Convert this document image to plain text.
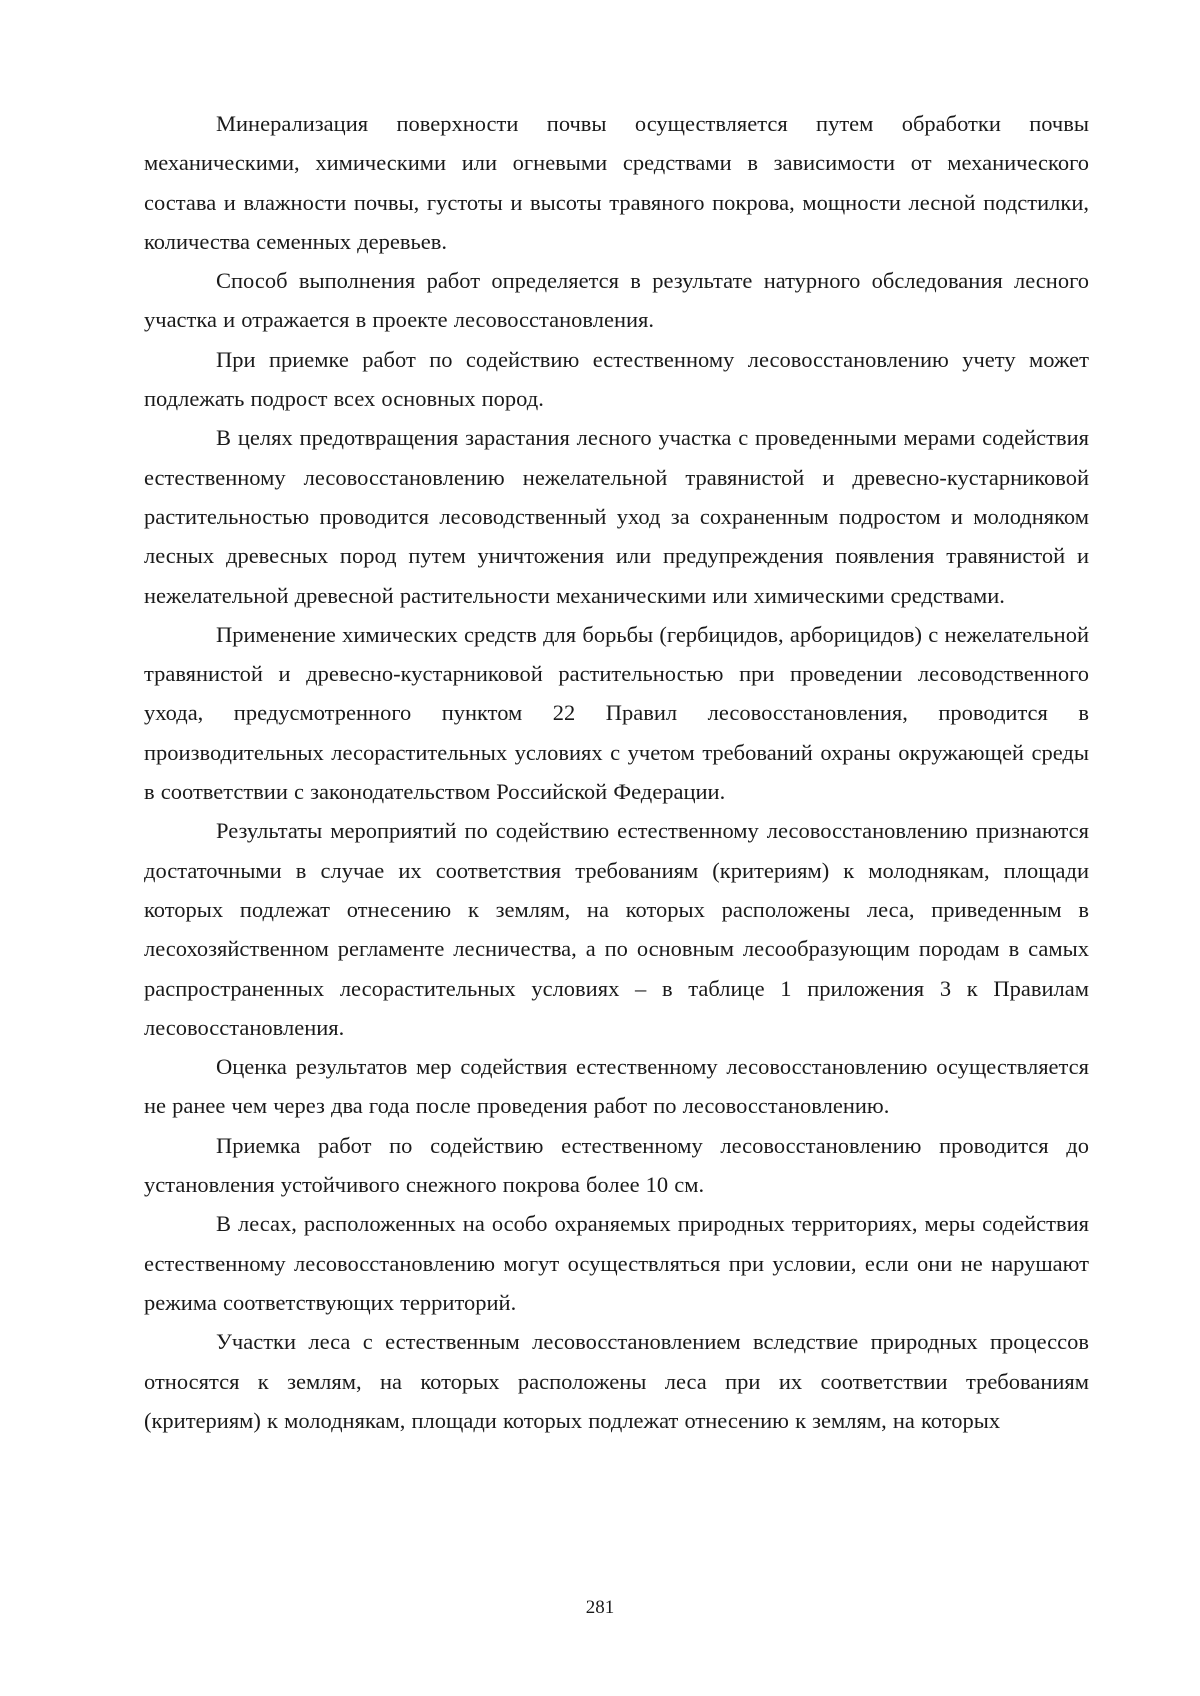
Минерализация поверхности почвы осуществляется путем обработки почвы механическими, химическими или огневыми средствами в зависимости от механического состава и влажности почвы, густоты и высоты травяного покрова, мощности лесной подстилки, количества семенных деревьев.

Способ выполнения работ определяется в результате натурного обследования лесного участка и отражается в проекте лесовосстановления.

При приемке работ по содействию естественному лесовосстановлению учету может подлежать подрост всех основных пород.

В целях предотвращения зарастания лесного участка с проведенными мерами содействия естественному лесовосстановлению нежелательной травянистой и древесно-кустарниковой растительностью проводится лесоводственный уход за сохраненным подростом и молодняком лесных древесных пород путем уничтожения или предупреждения появления травянистой и нежелательной древесной растительности механическими или химическими средствами.

Применение химических средств для борьбы (гербицидов, арборицидов) с нежелательной травянистой и древесно-кустарниковой растительностью при проведении лесоводственного ухода, предусмотренного пунктом 22 Правил лесовосстановления, проводится в производительных лесорастительных условиях с учетом требований охраны окружающей среды в соответствии с законодательством Российской Федерации.

Результаты мероприятий по содействию естественному лесовосстановлению признаются достаточными в случае их соответствия требованиям (критериям) к молоднякам, площади которых подлежат отнесению к землям, на которых расположены леса, приведенным в лесохозяйственном регламенте лесничества, а по основным лесообразующим породам в самых распространенных лесорастительных условиях – в таблице 1 приложения 3 к Правилам лесовосстановления.

Оценка результатов мер содействия естественному лесовосстановлению осуществляется не ранее чем через два года после проведения работ по лесовосстановлению.

Приемка работ по содействию естественному лесовосстановлению проводится до установления устойчивого снежного покрова более 10 см.

В лесах, расположенных на особо охраняемых природных территориях, меры содействия естественному лесовосстановлению могут осуществляться при условии, если они не нарушают режима соответствующих территорий.

Участки леса с естественным лесовосстановлением вследствие природных процессов относятся к землям, на которых расположены леса при их соответствии требованиям (критериям) к молоднякам, площади которых подлежат отнесению к землям, на которых

281
